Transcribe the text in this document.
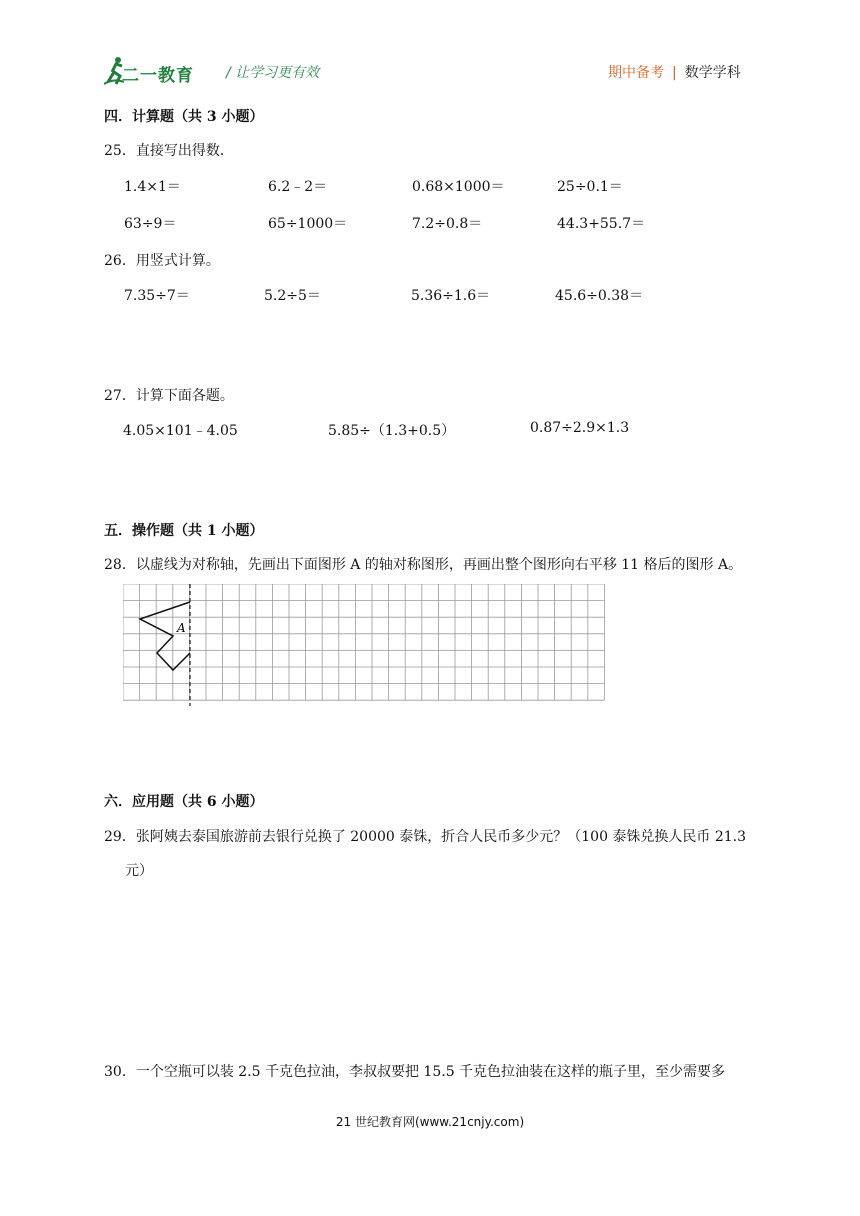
二一教育 / 让学习更有效	期中备考 | 数学学科
四．计算题（共 3 小题）
25．直接写出得数．
1.4×1＝	6.2﹣2＝	0.68×1000＝	25÷0.1＝
63÷9＝	65÷1000＝	7.2÷0.8＝	44.3+55.7＝
26．用竖式计算。
7.35÷7＝	5.2÷5＝	5.36÷1.6＝	45.6÷0.38＝
27．计算下面各题。
4.05×101﹣4.05	5.85÷（1.3+0.5）	0.87÷2.9×1.3
五．操作题（共 1 小题）
28．以虚线为对称轴，先画出下面图形 A 的轴对称图形，再画出整个图形向右平移 11 格后的图形 A。
A
六．应用题（共 6 小题）
29．张阿姨去泰国旅游前去银行兑换了 20000 泰铢，折合人民币多少元？（100 泰铢兑换人民币 21.3
元）
30．一个空瓶可以装 2.5 千克色拉油，李叔叔要把 15.5 千克色拉油装在这样的瓶子里，至少需要多
21 世纪教育网(www.21cnjy.com)
